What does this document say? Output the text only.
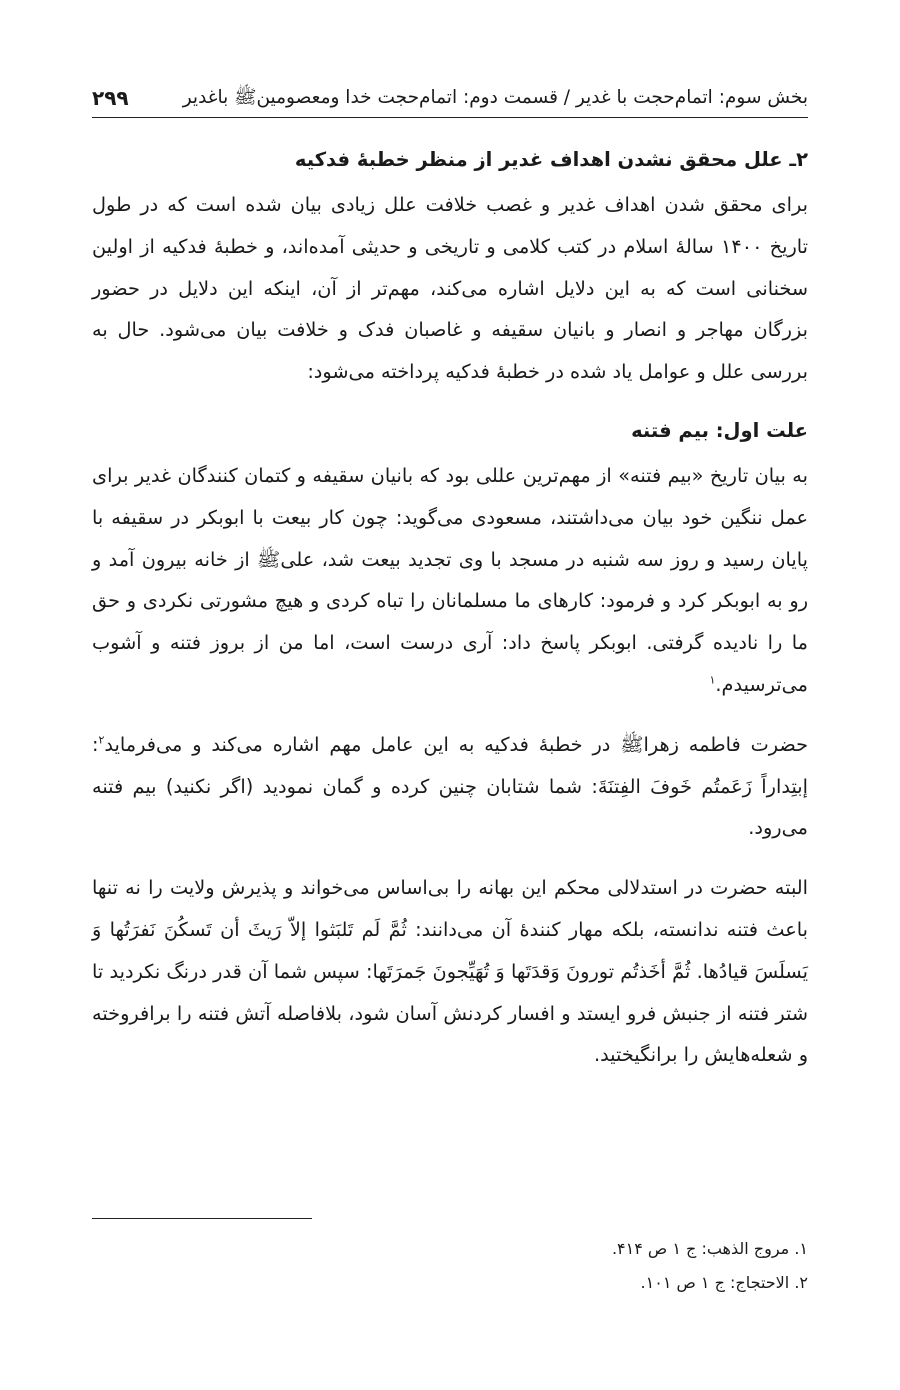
بخش سوم: اتمام‌حجت با غدیر / قسمت دوم: اتمام‌حجت خدا ومعصومین‌ﷺ باغدیر
۲۹۹
۲ـ علل محقق نشدن اهداف غدیر از منظر خطبهٔ فدکیه

برای محقق شدن اهداف غدیر و غصب خلافت علل زیادی بیان شده است که در طول تاریخ ۱۴۰۰ سالهٔ اسلام در کتب کلامی و تاریخی و حدیثی آمده‌اند، و خطبهٔ فدکیه از اولین سخنانی است که به این دلایل اشاره می‌کند، مهم‌تر از آن، اینکه این دلایل در حضور بزرگان مهاجر و انصار و بانیان سقیفه و غاصبان فدک و خلافت بیان می‌شود. حال به بررسی علل و عوامل یاد شده در خطبهٔ فدکیه پرداخته می‌شود:

علت اول: بیم فتنه

به بیان تاریخ «بیم فتنه» از مهم‌ترین عللی بود که بانیان سقیفه و کتمان کنندگان غدیر برای عمل ننگین خود بیان می‌داشتند، مسعودی می‌گوید: چون کار بیعت با ابوبکر در سقیفه با پایان رسید و روز سه شنبه در مسجد با وی تجدید بیعت شد، علی‌ﷺ از خانه بیرون آمد و رو به ابوبکر کرد و فرمود: کارهای ما مسلمانان را تباه کردی و هیچ مشورتی نکردی و حق ما را نادیده گرفتی. ابوبکر پاسخ داد: آری درست است، اما من از بروز فتنه و آشوب می‌ترسیدم.$^۱$

حضرت فاطمه زهراﷺ در خطبهٔ فدکیه به این عامل مهم اشاره می‌کند و می‌فرماید$^۲$: إبتِداراً زَعَمتُم خَوفَ الفِتنَةَ: شما شتابان چنین کرده و گمان نمودید (اگر نکنید) بیم فتنه می‌رود.

البته حضرت در استدلالی محکم این بهانه را بی‌اساس می‌خواند و پذیرش ولایت را نه تنها باعث فتنه ندانسته، بلکه مهار کنندهٔ آن می‌دانند: ثُمَّ لَم تَلبَثوا إلاّ رَیثَ أن تَسکُنَ نَفرَتُها وَ یَسلَسَ قیادُها. ثُمَّ أخَذتُم تورونَ وَقدَتَها وَ تُهَیِّجونَ جَمرَتَها: سپس شما آن قدر درنگ نکردید تا شتر فتنه از جنبش فرو ایستد و افسار کردنش آسان شود، بلافاصله آتش فتنه را برافروخته و شعله‌هایش را برانگیختید.

۱. مروج الذهب: ج ۱ ص ۴۱۴.
۲. الاحتجاج: ج ۱ ص ۱۰۱.
